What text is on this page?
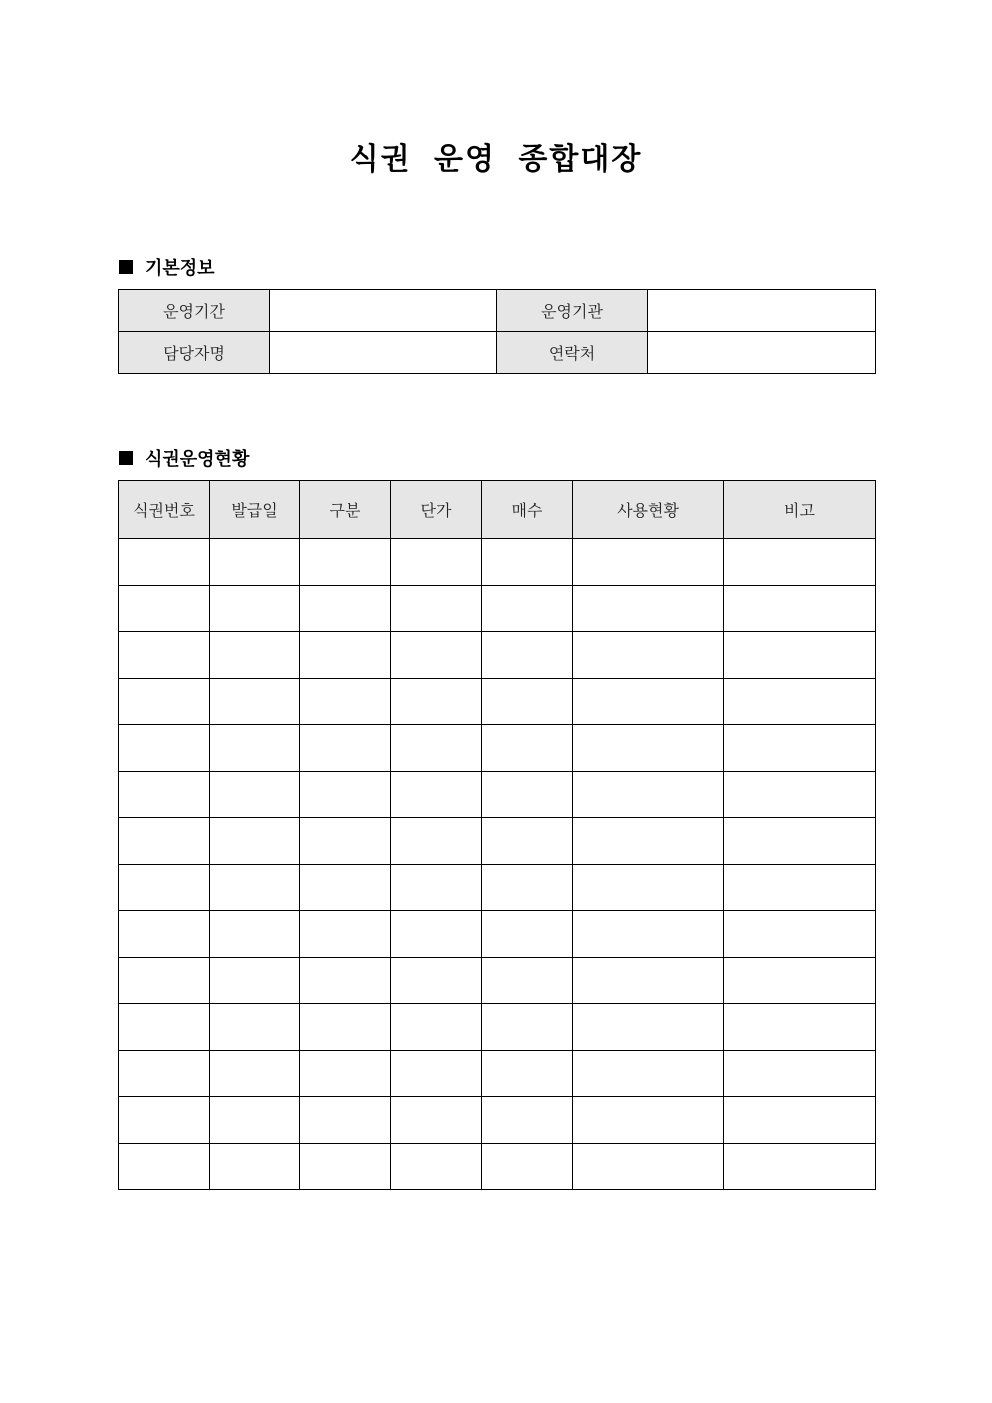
식권 운영 종합대장
기본정보
운영기간		운영기관	
담당자명		연락처	
식권운영현황
식권번호	발급일	구분	단가	매수	사용현황	비고
